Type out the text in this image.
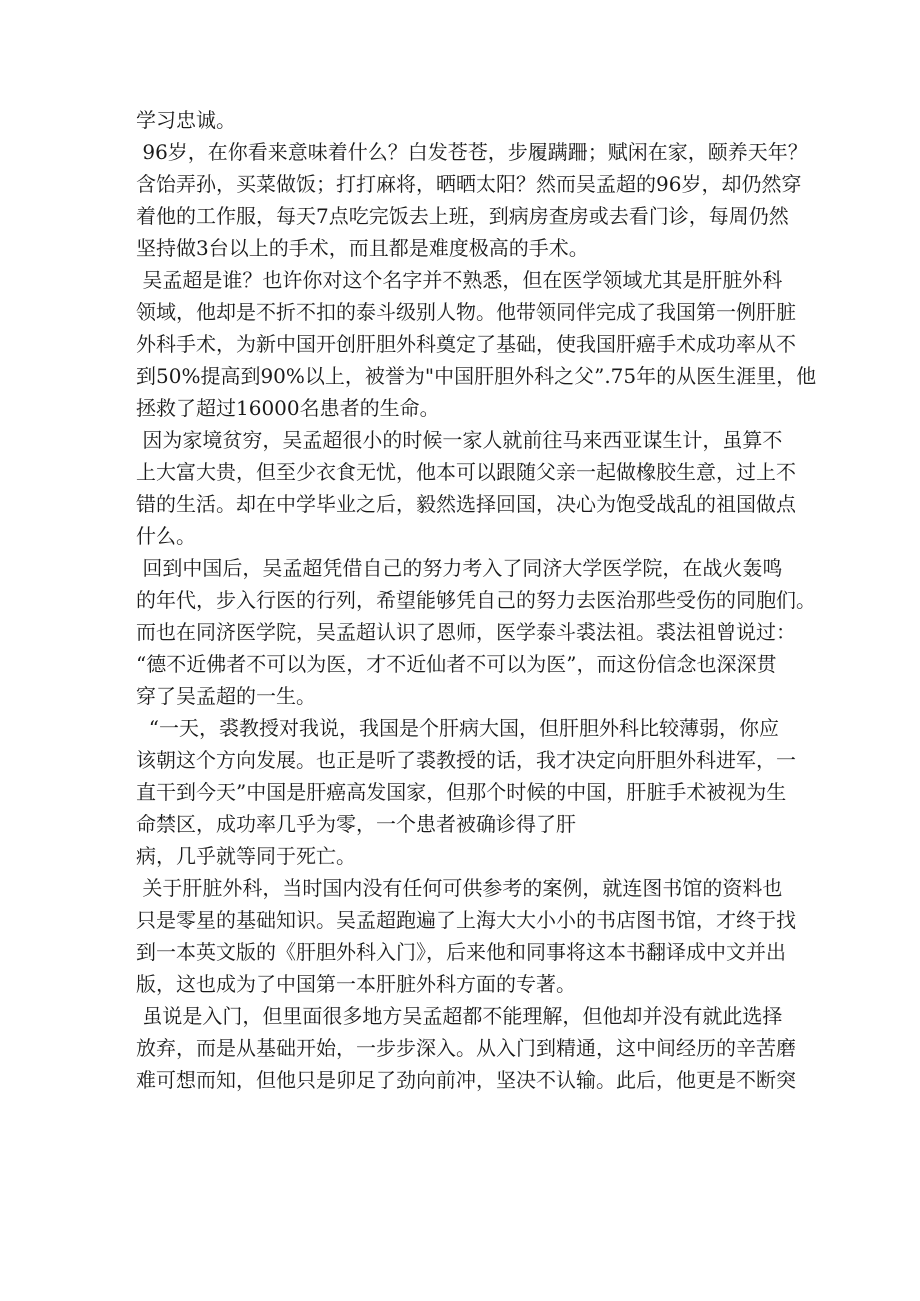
学习忠诚。
96岁，在你看来意味着什么？白发苍苍，步履蹒跚；赋闲在家，颐养天年？
含饴弄孙，买菜做饭；打打麻将，晒晒太阳？然而吴孟超的96岁，却仍然穿
着他的工作服，每天7点吃完饭去上班，到病房查房或去看门诊，每周仍然
坚持做3台以上的手术，而且都是难度极高的手术。
吴孟超是谁？也许你对这个名字并不熟悉，但在医学领域尤其是肝脏外科
领域，他却是不折不扣的泰斗级别人物。他带领同伴完成了我国第一例肝脏
外科手术，为新中国开创肝胆外科奠定了基础，使我国肝癌手术成功率从不
到50%提高到90%以上，被誉为"中国肝胆外科之父”.75年的从医生涯里，他
拯救了超过16000名患者的生命。
因为家境贫穷，吴孟超很小的时候一家人就前往马来西亚谋生计，虽算不
上大富大贵，但至少衣食无忧，他本可以跟随父亲一起做橡胶生意，过上不
错的生活。却在中学毕业之后，毅然选择回国，决心为饱受战乱的祖国做点
什么。
回到中国后，吴孟超凭借自己的努力考入了同济大学医学院，在战火轰鸣
的年代，步入行医的行列，希望能够凭自己的努力去医治那些受伤的同胞们。
而也在同济医学院，吴孟超认识了恩师，医学泰斗裘法祖。裘法祖曾说过：
“德不近佛者不可以为医，才不近仙者不可以为医”，而这份信念也深深贯
穿了吴孟超的一生。
“一天，裘教授对我说，我国是个肝病大国，但肝胆外科比较薄弱，你应
该朝这个方向发展。也正是听了裘教授的话，我才决定向肝胆外科进军，一
直干到今天”中国是肝癌高发国家，但那个时候的中国，肝脏手术被视为生
命禁区，成功率几乎为零，一个患者被确诊得了肝
病，几乎就等同于死亡。
关于肝脏外科，当时国内没有任何可供参考的案例，就连图书馆的资料也
只是零星的基础知识。吴孟超跑遍了上海大大小小的书店图书馆，才终于找
到一本英文版的《肝胆外科入门》，后来他和同事将这本书翻译成中文并出
版，这也成为了中国第一本肝脏外科方面的专著。
虽说是入门，但里面很多地方吴孟超都不能理解，但他却并没有就此选择
放弃，而是从基础开始，一步步深入。从入门到精通，这中间经历的辛苦磨
难可想而知，但他只是卯足了劲向前冲，坚决不认输。此后，他更是不断突
